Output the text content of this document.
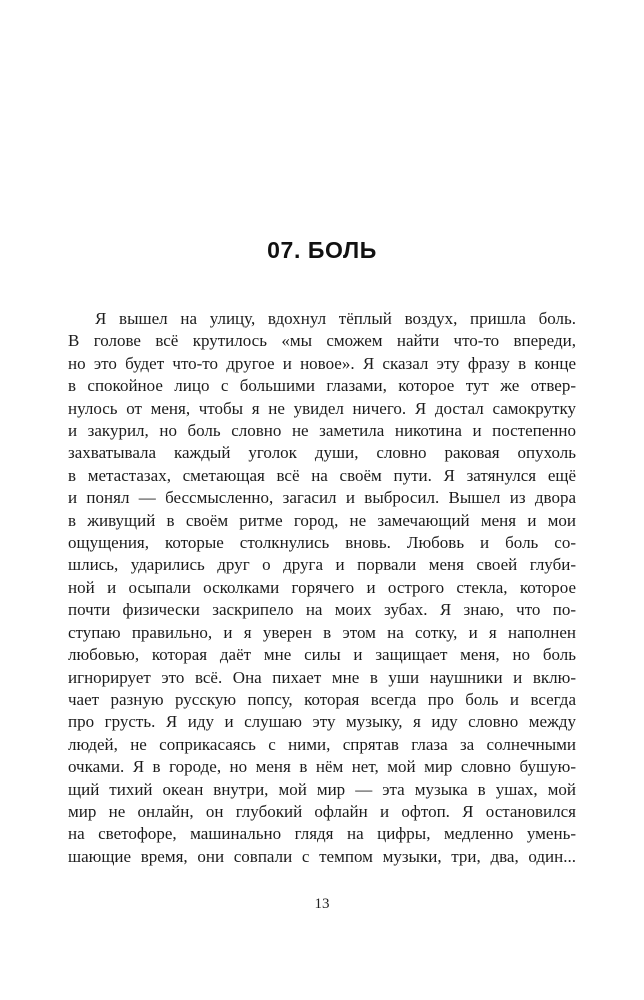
07. БОЛЬ
Я вышел на улицу, вдохнул тёплый воздух, пришла боль.
В голове всё крутилось «мы сможем найти что-то впереди,
но это будет что-то другое и новое». Я сказал эту фразу в конце
в спокойное лицо с большими глазами, которое тут же отвер-
нулось от меня, чтобы я не увидел ничего. Я достал самокрутку
и закурил, но боль словно не заметила никотина и постепенно
захватывала каждый уголок души, словно раковая опухоль
в метастазах, сметающая всё на своём пути. Я затянулся ещё
и понял — бессмысленно, загасил и выбросил. Вышел из двора
в живущий в своём ритме город, не замечающий меня и мои
ощущения, которые столкнулись вновь. Любовь и боль со-
шлись, ударились друг о друга и порвали меня своей глуби-
ной и осыпали осколками горячего и острого стекла, которое
почти физически заскрипело на моих зубах. Я знаю, что по-
ступаю правильно, и я уверен в этом на сотку, и я наполнен
любовью, которая даёт мне силы и защищает меня, но боль
игнорирует это всё. Она пихает мне в уши наушники и вклю-
чает разную русскую попсу, которая всегда про боль и всегда
про грусть. Я иду и слушаю эту музыку, я иду словно между
людей, не соприкасаясь с ними, спрятав глаза за солнечными
очками. Я в городе, но меня в нём нет, мой мир словно бушую-
щий тихий океан внутри, мой мир — эта музыка в ушах, мой
мир не онлайн, он глубокий офлайн и офтоп. Я остановился
на светофоре, машинально глядя на цифры, медленно умень-
шающие время, они совпали с темпом музыки, три, два, один...
13
